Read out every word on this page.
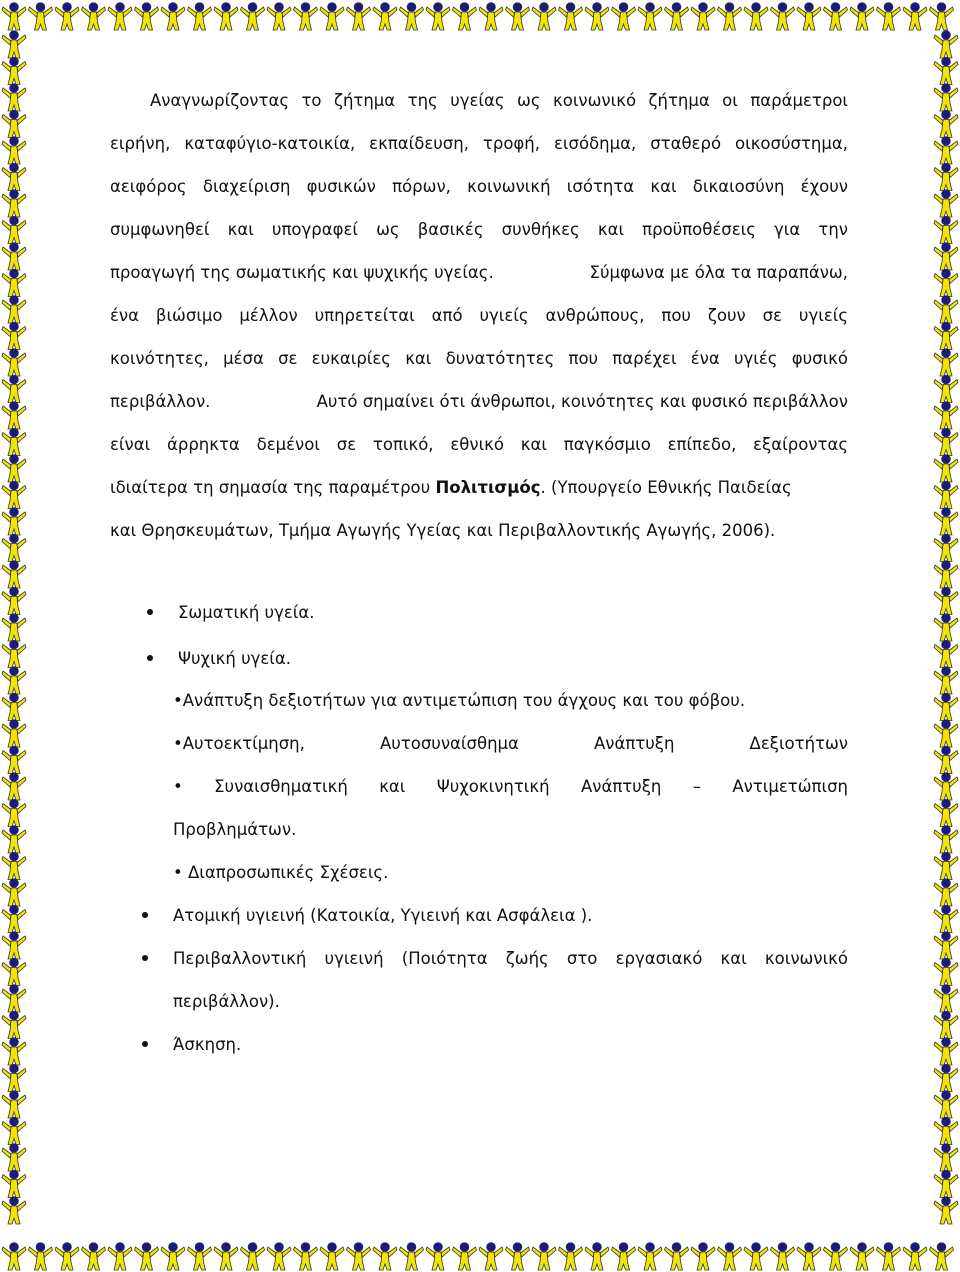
Αναγνωρίζοντας το ζήτημα της υγείας ως κοινωνικό ζήτημα οι παράμετροι
ειρήνη, καταφύγιο-κατοικία, εκπαίδευση, τροφή, εισόδημα, σταθερό οικοσύστημα,
αειφόρος διαχείριση φυσικών πόρων, κοινωνική ισότητα και δικαιοσύνη έχουν
συμφωνηθεί και υπογραφεί ως βασικές συνθήκες και προϋποθέσεις για την
προαγωγή της σωματικής και ψυχικής υγείας.	Σύμφωνα με όλα τα παραπάνω,
ένα βιώσιμο μέλλον υπηρετείται από υγιείς ανθρώπους, που ζουν σε υγιείς
κοινότητες, μέσα σε ευκαιρίες και δυνατότητες που παρέχει ένα υγιές φυσικό
περιβάλλον.	Αυτό σημαίνει ότι άνθρωποι, κοινότητες και φυσικό περιβάλλον
είναι άρρηκτα δεμένοι σε τοπικό, εθνικό και παγκόσμιο επίπεδο, εξαίροντας
ιδιαίτερα τη σημασία της παραμέτρου Πολιτισμός. (Υπουργείο Εθνικής Παιδείας
και Θρησκευμάτων, Τμήμα Αγωγής Υγείας και Περιβαλλοντικής Αγωγής, 2006).
Σωματική υγεία.
Ψυχική υγεία.
•Ανάπτυξη δεξιοτήτων για αντιμετώπιση του άγχους και του φόβου.
•Αυτοεκτίμηση, Αυτοσυναίσθημα Ανάπτυξη Δεξιοτήτων
• Συναισθηματική και Ψυχοκινητική Ανάπτυξη – Αντιμετώπιση
Προβλημάτων.
• Διαπροσωπικές Σχέσεις.
Ατομική υγιεινή (Κατοικία, Υγιεινή και Ασφάλεια ).
Περιβαλλοντική υγιεινή (Ποιότητα ζωής στο εργασιακό και κοινωνικό
περιβάλλον).
Άσκηση.
